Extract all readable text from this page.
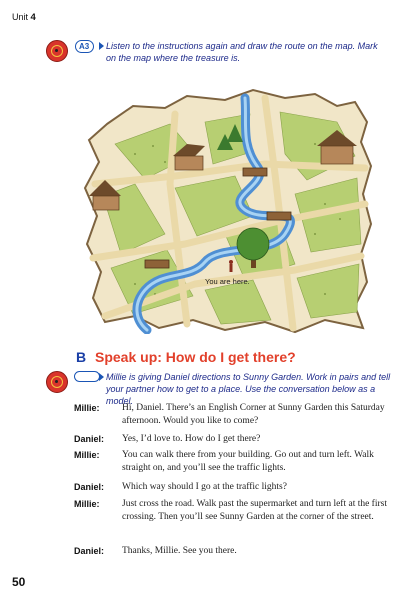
Unit 4
A3	Listen to the instructions again and draw the route on the map. Mark on the map where the treasure is.
You are here.
B Speak up: How do I get there?
Millie is giving Daniel directions to Sunny Garden. Work in pairs and tell your partner how to get to a place. Use the conversation below as a model.
Millie: Hi, Daniel. There’s an English Corner at Sunny Garden this Saturday afternoon. Would you like to come?
Daniel: Yes, I’d love to. How do I get there?
Millie: You can walk there from your building. Go out and turn left. Walk straight on, and you’ll see the traffic lights.
Daniel: Which way should I go at the traffic lights?
Millie: Just cross the road. Walk past the supermarket and turn left at the first crossing. Then you’ll see Sunny Garden at the corner of the street.
Daniel: Thanks, Millie. See you there.
50
